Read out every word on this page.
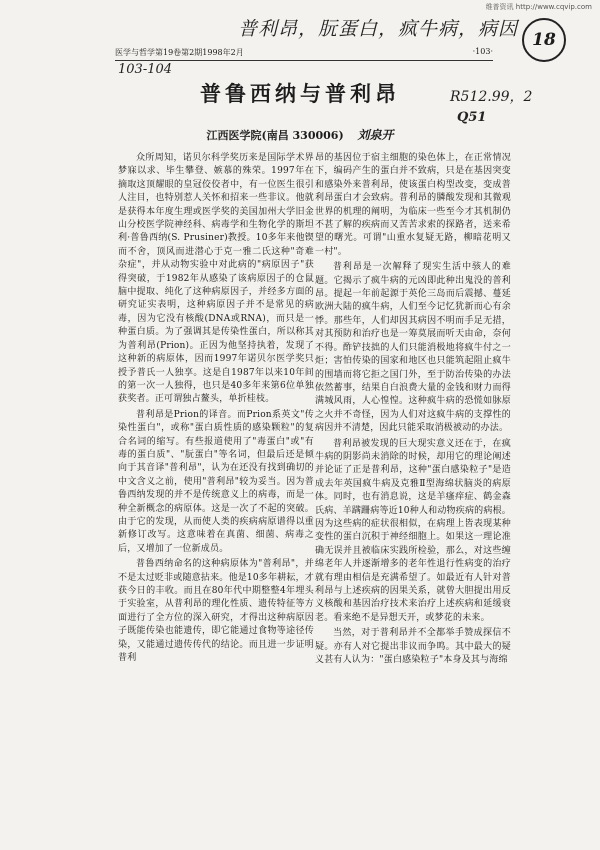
维普资讯 http://www.cqvip.com
普利昂，朊蛋白，疯牛病，病因 18
医学与哲学第19卷第2期1998年2月	·103·
103-104
R512.99，2
Q51
普鲁西纳与普利昂
江西医学院(南昌 330006) 刘泉开

众所周知，诺贝尔科学奖历来是国际学术界梦寐以求、毕生攀登、嫉慕的殊荣。1997年在摘取这顶耀眼的皇冠佼佼者中，有一位医生很引人注目，也特别惹人关怀和招来一些非议。他就是获得本年度生理或医学奖的美国加州大学旧金山分校医学院神经科、病毒学和生物化学的斯坦利·普鲁西纳(S. Prusiner)教授。10多年来他锲而不舍，顶风而进潜心于克一雅二氏这种"奇难杂症"，并从动物实验中对此病的"病原因子"获得突破，于1982年从感染了该病原因子的仓鼠脑中提取、纯化了这种病原因子，并经多方面的研究证实表明，这种病原因子并不是常见的病毒，因为它没有核酸(DNA或RNA)，而只是一种蛋白质。为了强调其是传染性蛋白，所以称其为普利昂(Prion)。正因为他坚持执着，发现了这种新的病原体，因而1997年诺贝尔医学奖只授予普氏一人独享。这是自1987年以来10年间的第一次一人独得，也只是40多年来第6位单独获奖者。正可谓独占鳌头，单折桂枝。

普利昂是Prion的译音。而Prion系英文"传染性蛋白"，或称"蛋白质性质的感染颗粒"的复合名词的缩写。有些报道使用了"毒蛋白"或"有毒的蛋白质"、"朊蛋白"等名词，但最后还是倾向于其音译"普利昂"，认为在还没有找到确切的中文含义之前，使用"普利昂"较为妥当。因为普鲁西纳发现的并不是传统意义上的病毒，而是一种全新概念的病原体。这是一次了不起的突破。由于它的发现，从而使人类的疾病病原谱得以重新修订改写。这意味着在真菌、细菌、病毒之后，又增加了一位新成员。

普鲁西纳命名的这种病原体为"普利昂"，并不是太过贬非或随意拈来。他是10多年耕耘，才获今日的丰收。而且在80年代中期整整4年埋头于实验室，从普利昂的理化性质、遗传特征等方面进行了全方位的深入研究，才得出这种病原因子既能传染也能遗传，即它能通过食物等途径传染，又能通过遗传传代的结论。而且进一步证明普利

昂的基因位于宿主细胞的染色体上，在正常情况下，编码产生的蛋白并不致病，只是在基因突变和感染外来普利昂，使该蛋白构型改变，变成普利昂蛋白才会致病。普利昂的膦酸发现和其微观世界的机理的阐明，为临床一些至今才其机制仍不甚了解的疾病而又苦苦求索的探路者，送来希望的曙光。可谓"山重水复疑无路，柳暗花明又一村"。

普利昂是一次解释了现实生活中骇人的难题。它揭示了疯牛病的元凶即此种出鬼没的普利昂。提起一年前起源于英伦三岛而后震撼、蔓延欧洲大陆的疯牛病，人们至今记忆犹新而心有余悸。那些年，人们却因其病因不明而手足无措，对其预防和治疗也是一筹莫展而听天由命，奈何不得。酢铲技拙的人们只能消极地将疯牛付之一炬；害怕传染的国家和地区也只能筑起阻止疯牛的围墙而将它拒之国门外，至于防治传染的办法依然蓄事，结果自白浪费大量的金钱和财力而得满城风雨，人心惶惶。这种疯牛病的恐慌如脉原之火并不奇怪，因为人们对这疯牛病的支撑性的病因并不清楚，因此只能采取消极被动的办法。

普利昂被发现的巨大现实意义还在于，在疯牛病的阴影尚未消除的时候，却用它的理论阐述并论证了正是普利昂，这种"蛋白感染粒子"是造成去年英国疯牛病及克雅Ⅱ型海绵状脑炎的病原体。同时，也有消息说，这是羊瘙痒症、鹤金森氏病、羊蹒跚病等近10种人和动物疾病的病根。因为这些病的症状很相似，在病理上皆表现某种变性的蛋白沉积于神经细胞上。如果这一理论准确无误并且被临床实践所检验，那么，对这些缠绵老年人并逐渐增多的老年性退行性病变的治疗就有理由相信是充满希望了。如最近有人针对普利昂与上述疾病的因果关系，就曾大胆提出用反义核酸和基因治疗技术来治疗上述疾病和延缓衰老。看来绝不是异想天开，或梦花的未来。

当然，对于普利昂并不全都举手赞成探信不疑。亦有人对它提出非议而争鸣。其中最大的疑义甚有人认为："蛋白感染粒子"本身及其与海绵
